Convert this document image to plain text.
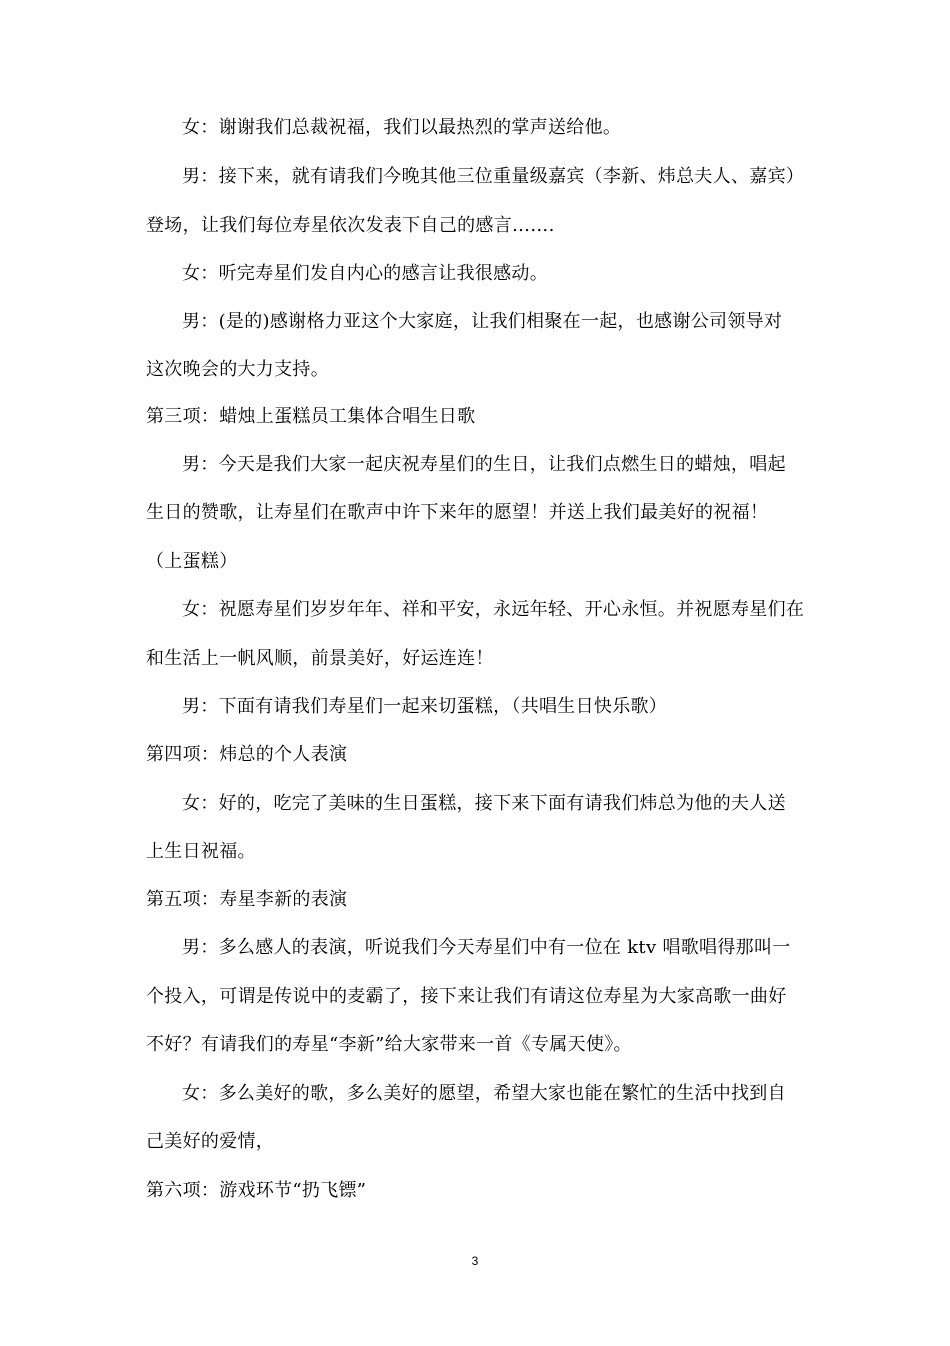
女：谢谢我们总裁祝福，我们以最热烈的掌声送给他。
男：接下来，就有请我们今晚其他三位重量级嘉宾（李新、炜总夫人、嘉宾）
登场，让我们每位寿星依次发表下自己的感言…….
女：听完寿星们发自内心的感言让我很感动。
男：(是的)感谢格力亚这个大家庭，让我们相聚在一起，也感谢公司领导对
这次晚会的大力支持。
第三项：蜡烛上蛋糕员工集体合唱生日歌
男：今天是我们大家一起庆祝寿星们的生日，让我们点燃生日的蜡烛，唱起
生日的赞歌，让寿星们在歌声中许下来年的愿望！并送上我们最美好的祝福！
（上蛋糕）
女：祝愿寿星们岁岁年年、祥和平安，永远年轻、开心永恒。并祝愿寿星们在
和生活上一帆风顺，前景美好，好运连连！
男：下面有请我们寿星们一起来切蛋糕，（共唱生日快乐歌）
第四项：炜总的个人表演
女：好的，吃完了美味的生日蛋糕，接下来下面有请我们炜总为他的夫人送
上生日祝福。
第五项：寿星李新的表演
男：多么感人的表演，听说我们今天寿星们中有一位在 ktv 唱歌唱得那叫一
个投入，可谓是传说中的麦霸了，接下来让我们有请这位寿星为大家高歌一曲好
不好？有请我们的寿星“李新”给大家带来一首《专属天使》。
女：多么美好的歌，多么美好的愿望，希望大家也能在繁忙的生活中找到自
己美好的爱情，
第六项：游戏环节“扔飞镖”
3
